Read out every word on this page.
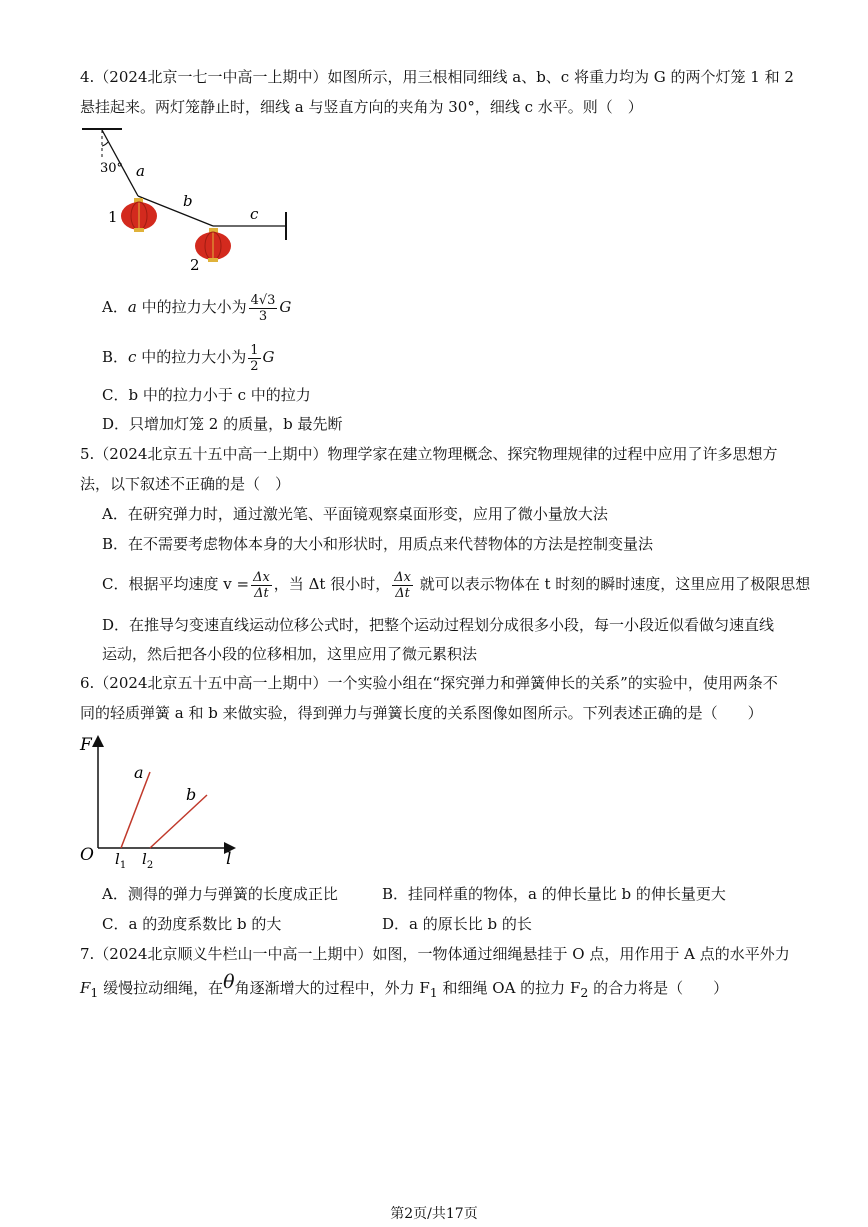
4.（2024北京一七一中高一上期中）如图所示，用三根相同细线 a、b、c 将重力均为 G 的两个灯笼 1 和 2
悬挂起来。两灯笼静止时，细线 a 与竖直方向的夹角为 30°，细线 c 水平。则（　）
30° a
b
c
1
2
A．a 中的拉力大小为 $\frac{4√3}{3}$ G
B．c 中的拉力大小为 $\frac{1}{2}$ G
C．b 中的拉力小于 c 中的拉力
D．只增加灯笼 2 的质量，b 最先断
5.（2024北京五十五中高一上期中）物理学家在建立物理概念、探究物理规律的过程中应用了许多思想方
法，以下叙述不正确的是（　）
A．在研究弹力时，通过激光笔、平面镜观察桌面形变，应用了微小量放大法
B．在不需要考虑物体本身的大小和形状时，用质点来代替物体的方法是控制变量法
C．根据平均速度 $v = \frac{\Delta x}{\Delta t}$ ，当 Δt 很小时， $\frac{\Delta x}{\Delta t}$ 就可以表示物体在 t 时刻的瞬时速度，这里应用了极限思想
D．在推导匀变速直线运动位移公式时，把整个运动过程划分成很多小段，每一小段近似看做匀速直线
运动，然后把各小段的位移相加，这里应用了微元累积法
6.（2024北京五十五中高一上期中）一个实验小组在“探究弹力和弹簧伸长的关系”的实验中，使用两条不
同的轻质弹簧 a 和 b 来做实验，得到弹力与弹簧长度的关系图像如图所示。下列表述正确的是（　　）
F
O	l
a
b
$l_1$ $l_2$
A．测得的弹力与弹簧的长度成正比	B．挂同样重的物体，a 的伸长量比 b 的伸长量更大
C．a 的劲度系数比 b 的大	D．a 的原长比 b 的长
7.（2024北京顺义牛栏山一中高一上期中）如图，一物体通过细绳悬挂于 O 点，用作用于 A 点的水平外力
$F_1$ 缓慢拉动细绳，在θ角逐渐增大的过程中，外力 $F_1$ 和细绳 OA 的拉力 $F_2$ 的合力将是（　　）
第2页/共17页
